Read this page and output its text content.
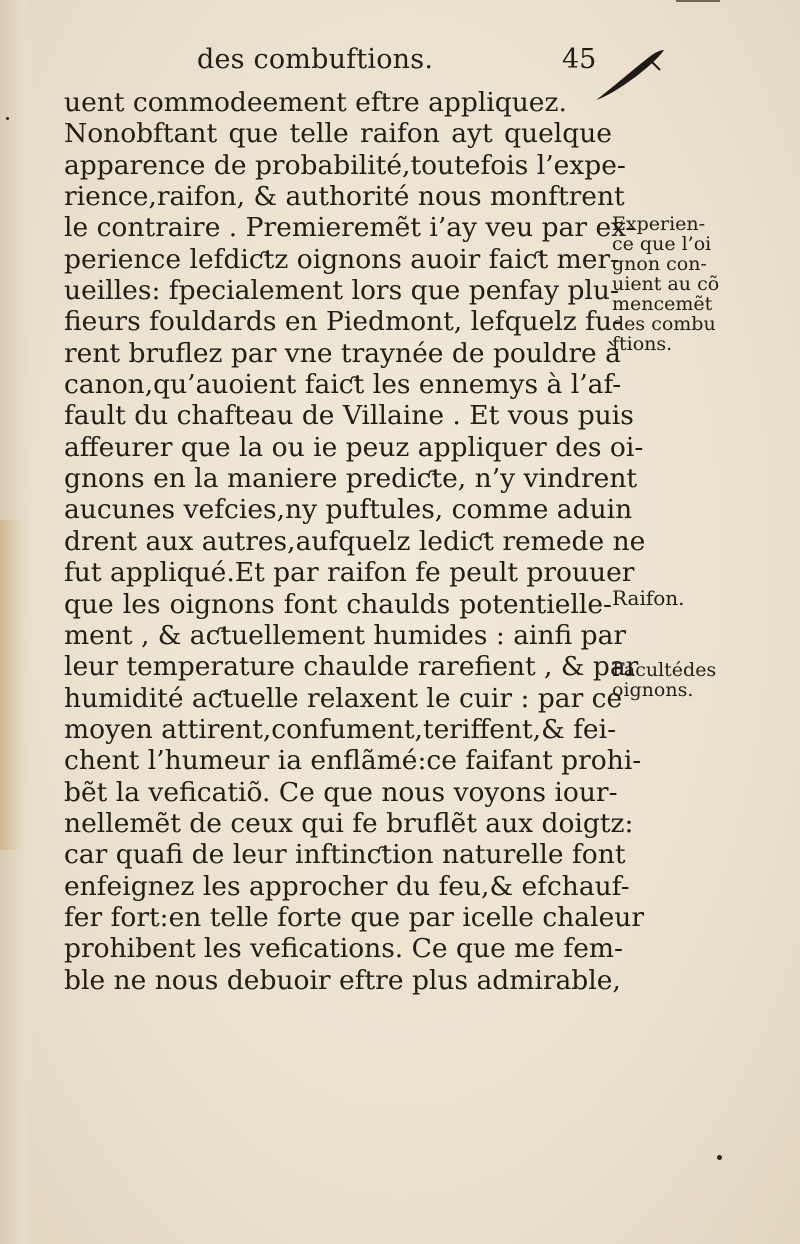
des combuftions.	45
uent commodeement eftre appliquez.
Nonobftant que telle raifon ayt quelque
apparence de probabilité,toutefois l’expe-
rience,raifon, & authorité nous monftrent
le contraire . Premieremẽt i’ay veu par ex-
perience lefdiƈtz oignons auoir faiƈt mer-
ueilles: fpecialement lors que penfay plu-
fieurs fouldards en Piedmont, lefquelz fu-
rent bruflez par vne traynée de pouldre à
canon,qu’auoient faiƈt les ennemys à l’af-
fault du chafteau de Villaine . Et vous puis
affeurer que la ou ie peuz appliquer des oi-
gnons en la maniere prediƈte, n’y vindrent
aucunes vefcies,ny puftules, comme aduin
drent aux autres,aufquelz lediƈt remede ne
fut appliqué.Et par raifon fe peult prouuer
que les oignons font chaulds potentielle-
ment , & aƈtuellement humides : ainfi par
leur temperature chaulde rarefient , & par
humidité aƈtuelle relaxent le cuir : par ce
moyen attirent,confument,teriffent,& fei-
chent l’humeur ia enflãmé:ce faifant prohi-
bẽt la veficatiõ. Ce que nous voyons iour-
nellemẽt de ceux qui fe bruflẽt aux doigtz:
car quafi de leur inftinƈtion naturelle font
enfeignez les approcher du feu,& efchauf-
fer fort:en telle forte que par icelle chaleur
prohibent les vefications. Ce que me fem-
ble ne nous debuoir eftre plus admirable,
Experien-
ce que l’oi
gnon con-
uient au cõ
mencemẽt
des combu
ftions.
Raifon.
Facultédes
oignons.
